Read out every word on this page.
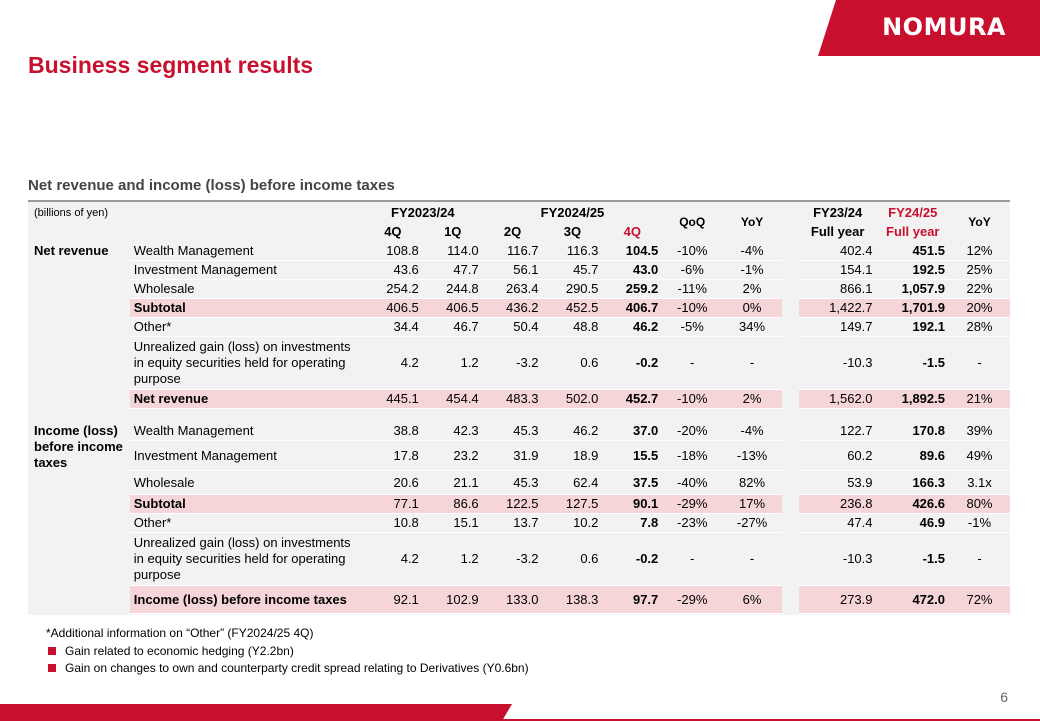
NOMURA
Business segment results
Net revenue and income (loss) before income taxes
(billions of yen)		FY2023/24		FY2024/25			QoQ	YoY		FY23/24	FY24/25	YoY
		4Q	1Q	2Q	3Q	4Q				Full year	Full year	
Net revenue	Wealth Management	108.8	114.0	116.7	116.3	104.5	-10%	-4%		402.4	451.5	12%
	Investment Management	43.6	47.7	56.1	45.7	43.0	-6%	-1%		154.1	192.5	25%
	Wholesale	254.2	244.8	263.4	290.5	259.2	-11%	2%		866.1	1,057.9	22%
	Subtotal	406.5	406.5	436.2	452.5	406.7	-10%	0%		1,422.7	1,701.9	20%
	Other*	34.4	46.7	50.4	48.8	46.2	-5%	34%		149.7	192.1	28%
	Unrealized gain (loss) on investments in equity securities held for operating purpose	4.2	1.2	-3.2	0.6	-0.2	-	-		-10.3	-1.5	-
	Net revenue	445.1	454.4	483.3	502.0	452.7	-10%	2%		1,562.0	1,892.5	21%

Income (loss) before income taxes	Wealth Management	38.8	42.3	45.3	46.2	37.0	-20%	-4%		122.7	170.8	39%
	Investment Management	17.8	23.2	31.9	18.9	15.5	-18%	-13%		60.2	89.6	49%
	Wholesale	20.6	21.1	45.3	62.4	37.5	-40%	82%		53.9	166.3	3.1x
	Subtotal	77.1	86.6	122.5	127.5	90.1	-29%	17%		236.8	426.6	80%
	Other*	10.8	15.1	13.7	10.2	7.8	-23%	-27%		47.4	46.9	-1%
	Unrealized gain (loss) on investments in equity securities held for operating purpose	4.2	1.2	-3.2	0.6	-0.2	-	-		-10.3	-1.5	-
	Income (loss) before income taxes	92.1	102.9	133.0	138.3	97.7	-29%	6%		273.9	472.0	72%
*Additional information on “Other” (FY2024/25 4Q)
Gain related to economic hedging (Y2.2bn)
Gain on changes to own and counterparty credit spread relating to Derivatives (Y0.6bn)
6
